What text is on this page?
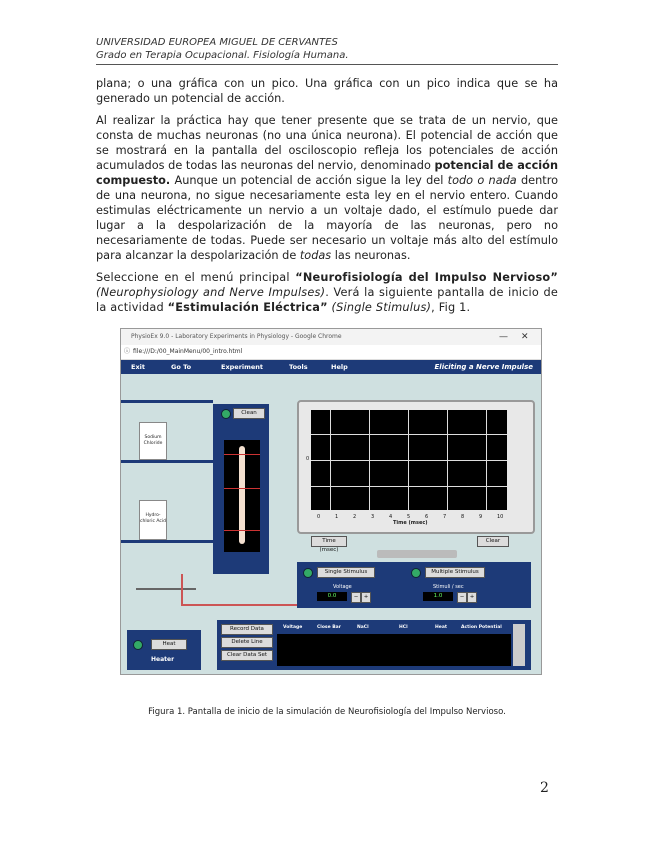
UNIVERSIDAD EUROPEA MIGUEL DE CERVANTES
Grado en Terapia Ocupacional. Fisiología Humana.

plana; o una gráfica con un pico. Una gráfica con un pico indica que se ha generado un potencial de acción.

Al realizar la práctica hay que tener presente que se trata de un nervio, que consta de muchas neuronas (no una única neurona). El potencial de acción que se mostrará en la pantalla del osciloscopio refleja los potenciales de acción acumulados de todas las neuronas del nervio, denominado potencial de acción compuesto. Aunque un potencial de acción sigue la ley del todo o nada dentro de una neurona, no sigue necesariamente esta ley en el nervio entero. Cuando estimulas eléctricamente un nervio a un voltaje dado, el estímulo puede dar lugar a la despolarización de la mayoría de las neuronas, pero no necesariamente de todas. Puede ser necesario un voltaje más alto del estímulo para alcanzar la despolarización de todas las neuronas.

Seleccione en el menú principal “Neurofisiología del Impulso Nervioso” (Neurophysiology and Nerve Impulses). Verá la siguiente pantalla de inicio de la actividad “Estimulación Eléctrica” (Single Stimulus), Fig 1.

PhysioEx 9.0 - Laboratory Experiments in Physiology - Google Chrome	— ✕
ⓘ file:///D:/00_MainMenu/00_intro.html
Exit	Go To	Experiment	Tools	Help	Eliciting a Nerve Impulse
Sodium Chloride
Hydro-chloric Acid
Clean
0
0	1	2	3	4	5	6	7	8	9	10
Time (msec)
Time (msec)
Clear
Single Stimulus	Multiple Stimulus
Voltage
0.0	− +
Stimuli / sec
1.0	− +
Record Data
Delete Line
Clear Data Set
Voltage	Close Bar	NaCl	HCl	Heat	Action Potential
Heat
Heater
Figura 1. Pantalla de inicio de la simulación de Neurofisiología del Impulso Nervioso.
2
